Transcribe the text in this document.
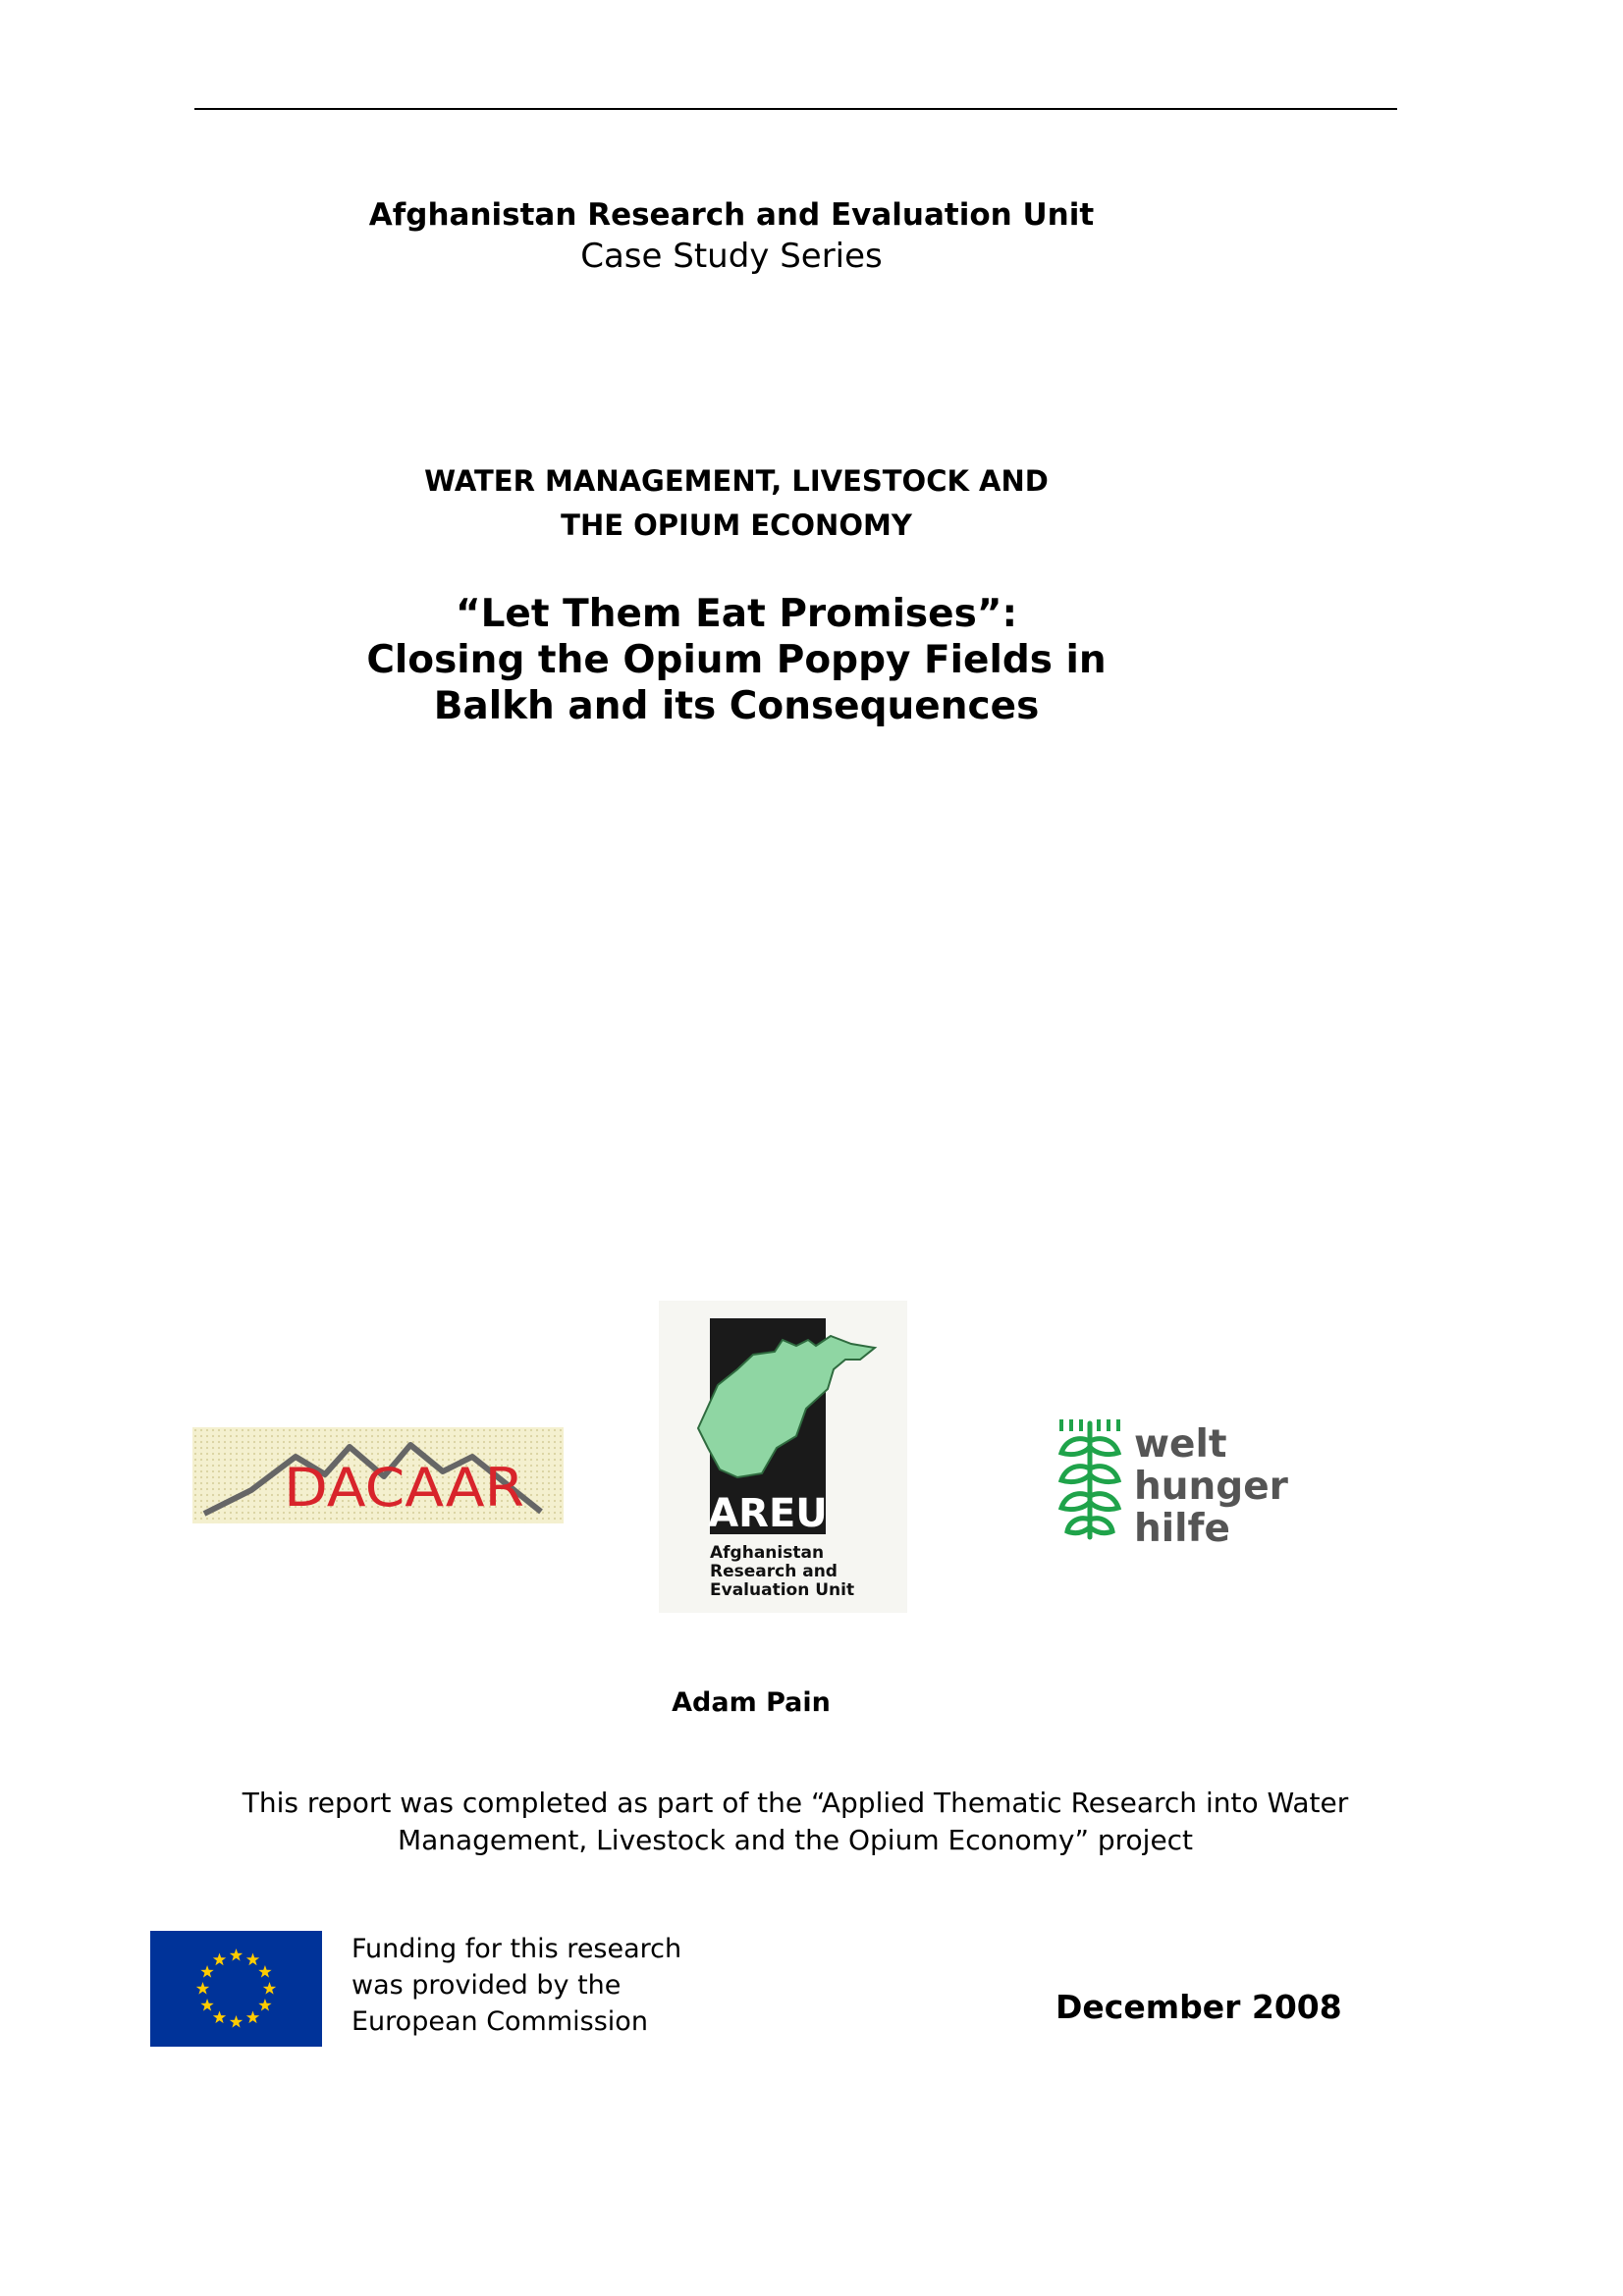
Afghanistan Research and Evaluation Unit
Case Study Series
WATER MANAGEMENT, LIVESTOCK AND
THE OPIUM ECONOMY
“Let Them Eat Promises”:
Closing the Opium Poppy Fields in
Balkh and its Consequences
DACAAR	AREU
Afghanistan
Research and
Evaluation Unit
welt
hunger
hilfe
Adam Pain
This report was completed as part of the “Applied Thematic Research into Water
Management, Livestock and the Opium Economy” project
Funding for this research
was provided by the
European Commission	December 2008
